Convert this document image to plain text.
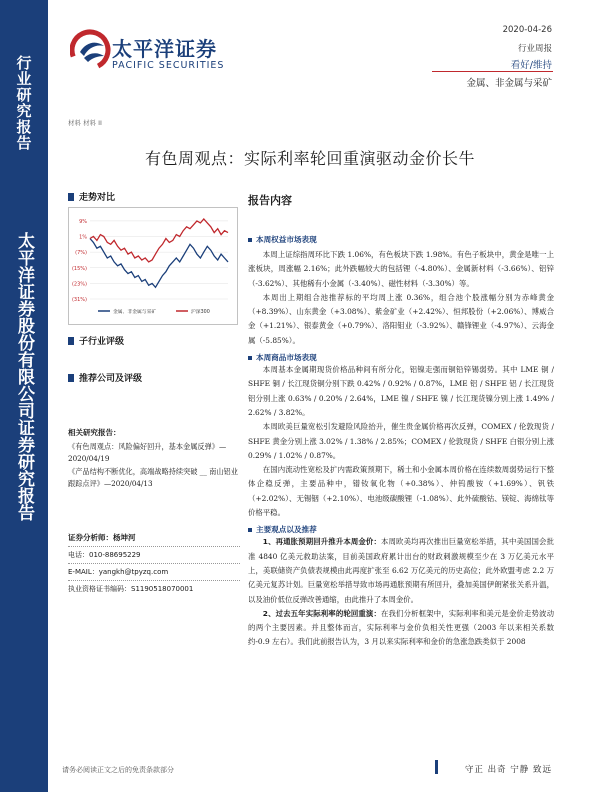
行业研究报告
太平洋证券股份有限公司证券研究报告
太平洋证券
PACIFIC SECURITIES
2020-04-26
行业周报
看好/维持
金属、非金属与采矿
材料 材料 II
有色周观点：实际利率轮回重演驱动金价长牛
走势对比
9%
1%
(7%)
(15%)
(23%)
(31%)
金属、非金属与采矿	沪深300
子行业评级
推荐公司及评级
相关研究报告：

《有色周观点：风险偏好回升，基本金属反弹》—2020/04/19

《产品结构不断优化，高端战略持续突破 __ 南山铝业跟踪点评》—2020/04/13

证券分析师：杨坤河
电话：010-88695229
E-MAIL：yangkh@tpyzq.com
执业资格证书编码：S1190518070001
报告内容
本周权益市场表现
本周上证综指周环比下跌 1.06%，有色板块下跌 1.98%。有色子板块中，黄金是唯一上涨板块，周涨幅 2.16%；此外跌幅较大的包括锂（-4.80%）、金属新材料（-3.66%）、铝锌（-3.62%）、其他稀有小金属（-3.40%）、磁性材料（-3.30%）等。
本周出上期组合池推荐标的平均周上涨 0.36%，组合池个股涨幅分别为赤峰黄金（+8.39%）、山东黄金（+3.08%）、紫金矿业（+2.42%）、恒邦股份（+2.06%）、博威合金（+1.21%）、银泰黄金（+0.79%）、洛阳钼业（-3.92%）、赣锋锂业（-4.97%）、云海金属（-5.85%）。
本周商品市场表现
本周基本金属期现货价格品种间有所分化，铝镍走强而铜铅锌锡弱势。其中 LME 铜 / SHFE 铜 / 长江现货铜分别下跌 0.42% / 0.92% / 0.87%，LME 铝 / SHFE 铝 / 长江现货铝分别上涨 0.63% / 0.20% / 2.64%，LME 镍 / SHFE 镍 / 长江现货镍分别上涨 1.49% / 2.62% / 3.82%。
本周欧美巨量宽松引发避险风险抬升，催生贵金属价格再次反弹，COMEX / 伦敦现货 / SHFE 黄金分别上涨 3.02% / 1.38% / 2.85%；COMEX / 伦敦现货 / SHFE 白银分别上涨 0.29% / 1.02% / 0.87%。
在国内流动性宽松及扩内需政策预期下，稀土和小金属本周价格在连续数周弱势运行下整体企稳反弹，主要品种中，镨钕氧化物（+0.38%）、仲钨酸铵（+1.69%）、钒铁（+2.02%）、无锡铟（+2.10%）、电池级碳酸锂（-1.08%）、此外硫酸钴、镁锭、海绵钛等价格平稳。
主要观点以及推荐
1、再通胀预期回升推升本周金价：本周欧美均再次推出巨量宽松举措，其中美国国会批准 4840 亿美元救助法案，目前美国政府累计出台的财政刺激规模至少在 3 万亿美元水平上，美联储资产负债表规模由此再度扩张至 6.62 万亿美元的历史高位；此外欧盟考虑 2.2 万亿美元复苏计划。巨量宽松举措导致市场再通胀预期有所回升，叠加美国伊朗紧张关系升温，以及油价低位反弹改善通缩，由此推升了本周金价。
2、过去五年实际利率的轮回重演：在我们分析框架中，实际利率和美元是金价走势波动的两个主要因素。并且整体而言，实际利率与金价负相关性更强（2003 年以来相关系数约-0.9 左右）。我们此前报告认为，3 月以来实际利率和金价的急涨急跌类似于 2008
请务必阅读正文之后的免责条款部分	守正 出奇 宁静 致远
